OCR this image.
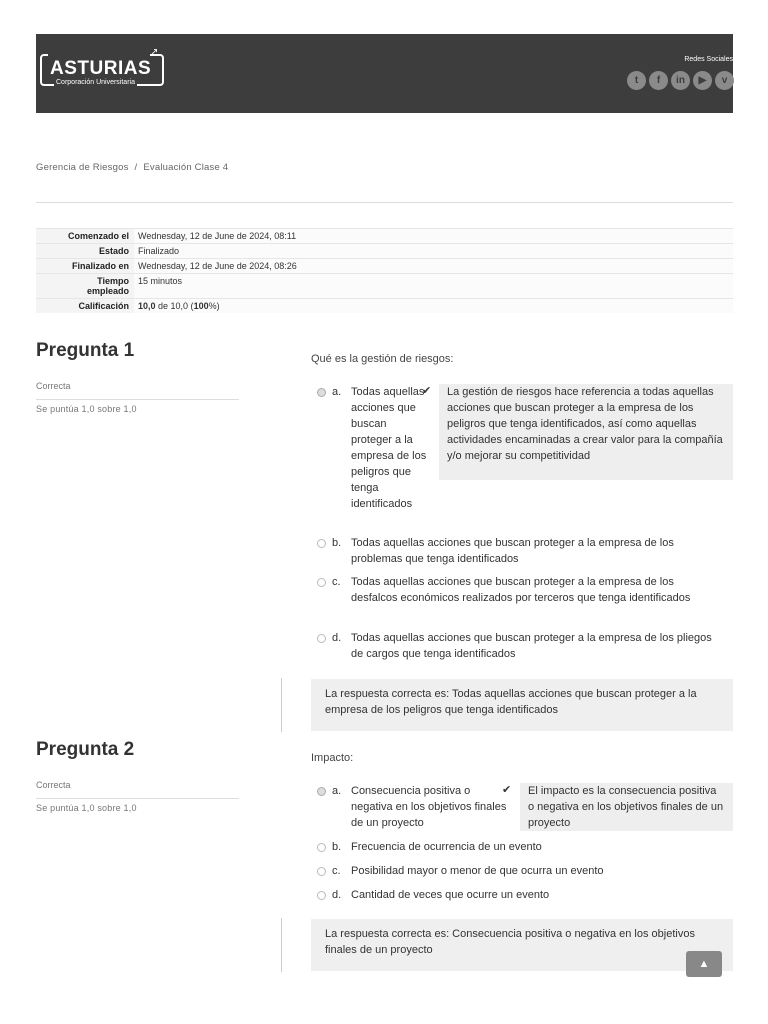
↗
ASTURIAS
Corporación Universitaria
Redes Sociales
t	f	in	▶	v
Gerencia de Riesgos / Evaluación Clase 4
Comenzado el	Wednesday, 12 de June de 2024, 08:11
Estado	Finalizado
Finalizado en	Wednesday, 12 de June de 2024, 08:26
Tiempo empleado	15 minutos
Calificación	10,0 de 10,0 (100%)
Pregunta 1
Correcta
Se puntúa 1,0 sobre 1,0
Qué es la gestión de riesgos:
a. Todas aquellas acciones que buscan proteger a la empresa de los peligros que tenga identificados
✔	La gestión de riesgos hace referencia a todas aquellas acciones que buscan proteger a la empresa de los peligros que tenga identificados, así como aquellas actividades encaminadas a crear valor para la compañía y/o mejorar su competitividad
b. Todas aquellas acciones que buscan proteger a la empresa de los problemas que tenga identificados
c. Todas aquellas acciones que buscan proteger a la empresa de los desfalcos económicos realizados por terceros que tenga identificados
d. Todas aquellas acciones que buscan proteger a la empresa de los pliegos de cargos que tenga identificados
La respuesta correcta es: Todas aquellas acciones que buscan proteger a la empresa de los peligros que tenga identificados
Pregunta 2
Correcta
Se puntúa 1,0 sobre 1,0
Impacto:
a. Consecuencia positiva o negativa en los objetivos finales de un proyecto
✔	El impacto es la consecuencia positiva o negativa en los objetivos finales de un proyecto
b. Frecuencia de ocurrencia de un evento
c. Posibilidad mayor o menor de que ocurra un evento
d. Cantidad de veces que ocurre un evento
La respuesta correcta es: Consecuencia positiva o negativa en los objetivos finales de un proyecto
▲
